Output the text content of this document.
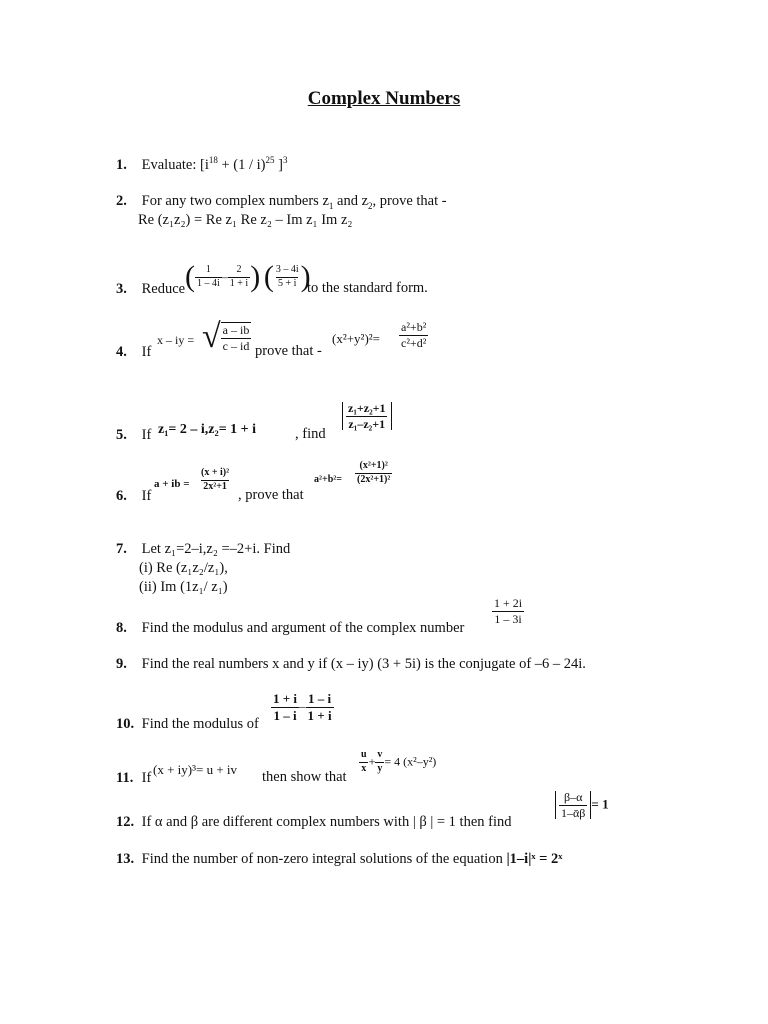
Complex Numbers
1. Evaluate: [$i^{18} + (1 / i)^{25}$ ]$^3$
2. For any two complex numbers $z_1$ and $z_2$, prove that -
Re (z₁z₂) = Re z₁ Re z₂ – Im z₁ Im z₂
3. Reduce ( $\frac{1}{1 - 4i} - \frac{2}{1 + i}$ ) ( $\frac{3 - 4i}{5 + i}$ )
to the standard form.
4. If
x – iy = √ $\frac{a - ib}{c - id}$ prove that -
$(x^2+y^2)^2= \frac{\text{a²+b²}}{\text{c²+d²}}$
5. If z₁= 2 – i,z₂= 1 + i	, find
$\frac{\text{z₁+z₂+1}}{\text{z₁–z₂+1}}$
6. If
a + ib = $\frac{\text{(x + i)²}}{\text{2x²+1}}$
, prove that
$a^2+b^2= \frac{\text{(x²+1)²}}{\text{(2x²+1)²}}$
7. Let z₁=2–i,z₂ =–2+i. Find
(i) Re (z₁z₂/z₁),
(ii) Im (1z₁/ z₁)
8. Find the modulus and argument of the complex number
$\frac{1 + 2i}{1 - 3i}$
9. Find the real numbers x and y if (x – iy) (3 + 5i) is the conjugate of –6 – 24i.
10. Find the modulus of
$\frac{1 + i}{1 - i} - \frac{1 - i}{1 + i}$
11. If
(x + iy)³= u + iv then show that
$\frac{u}{x} + \frac{v}{y} = 4$ (x²–y²)
12. If α and β are different complex numbers with | β | = 1 then find
$\frac{\beta-\alpha}{\text{1–ᾱβ}} = 1$
13. Find the number of non-zero integral solutions of the equation |1–i|ˣ = 2ˣ
